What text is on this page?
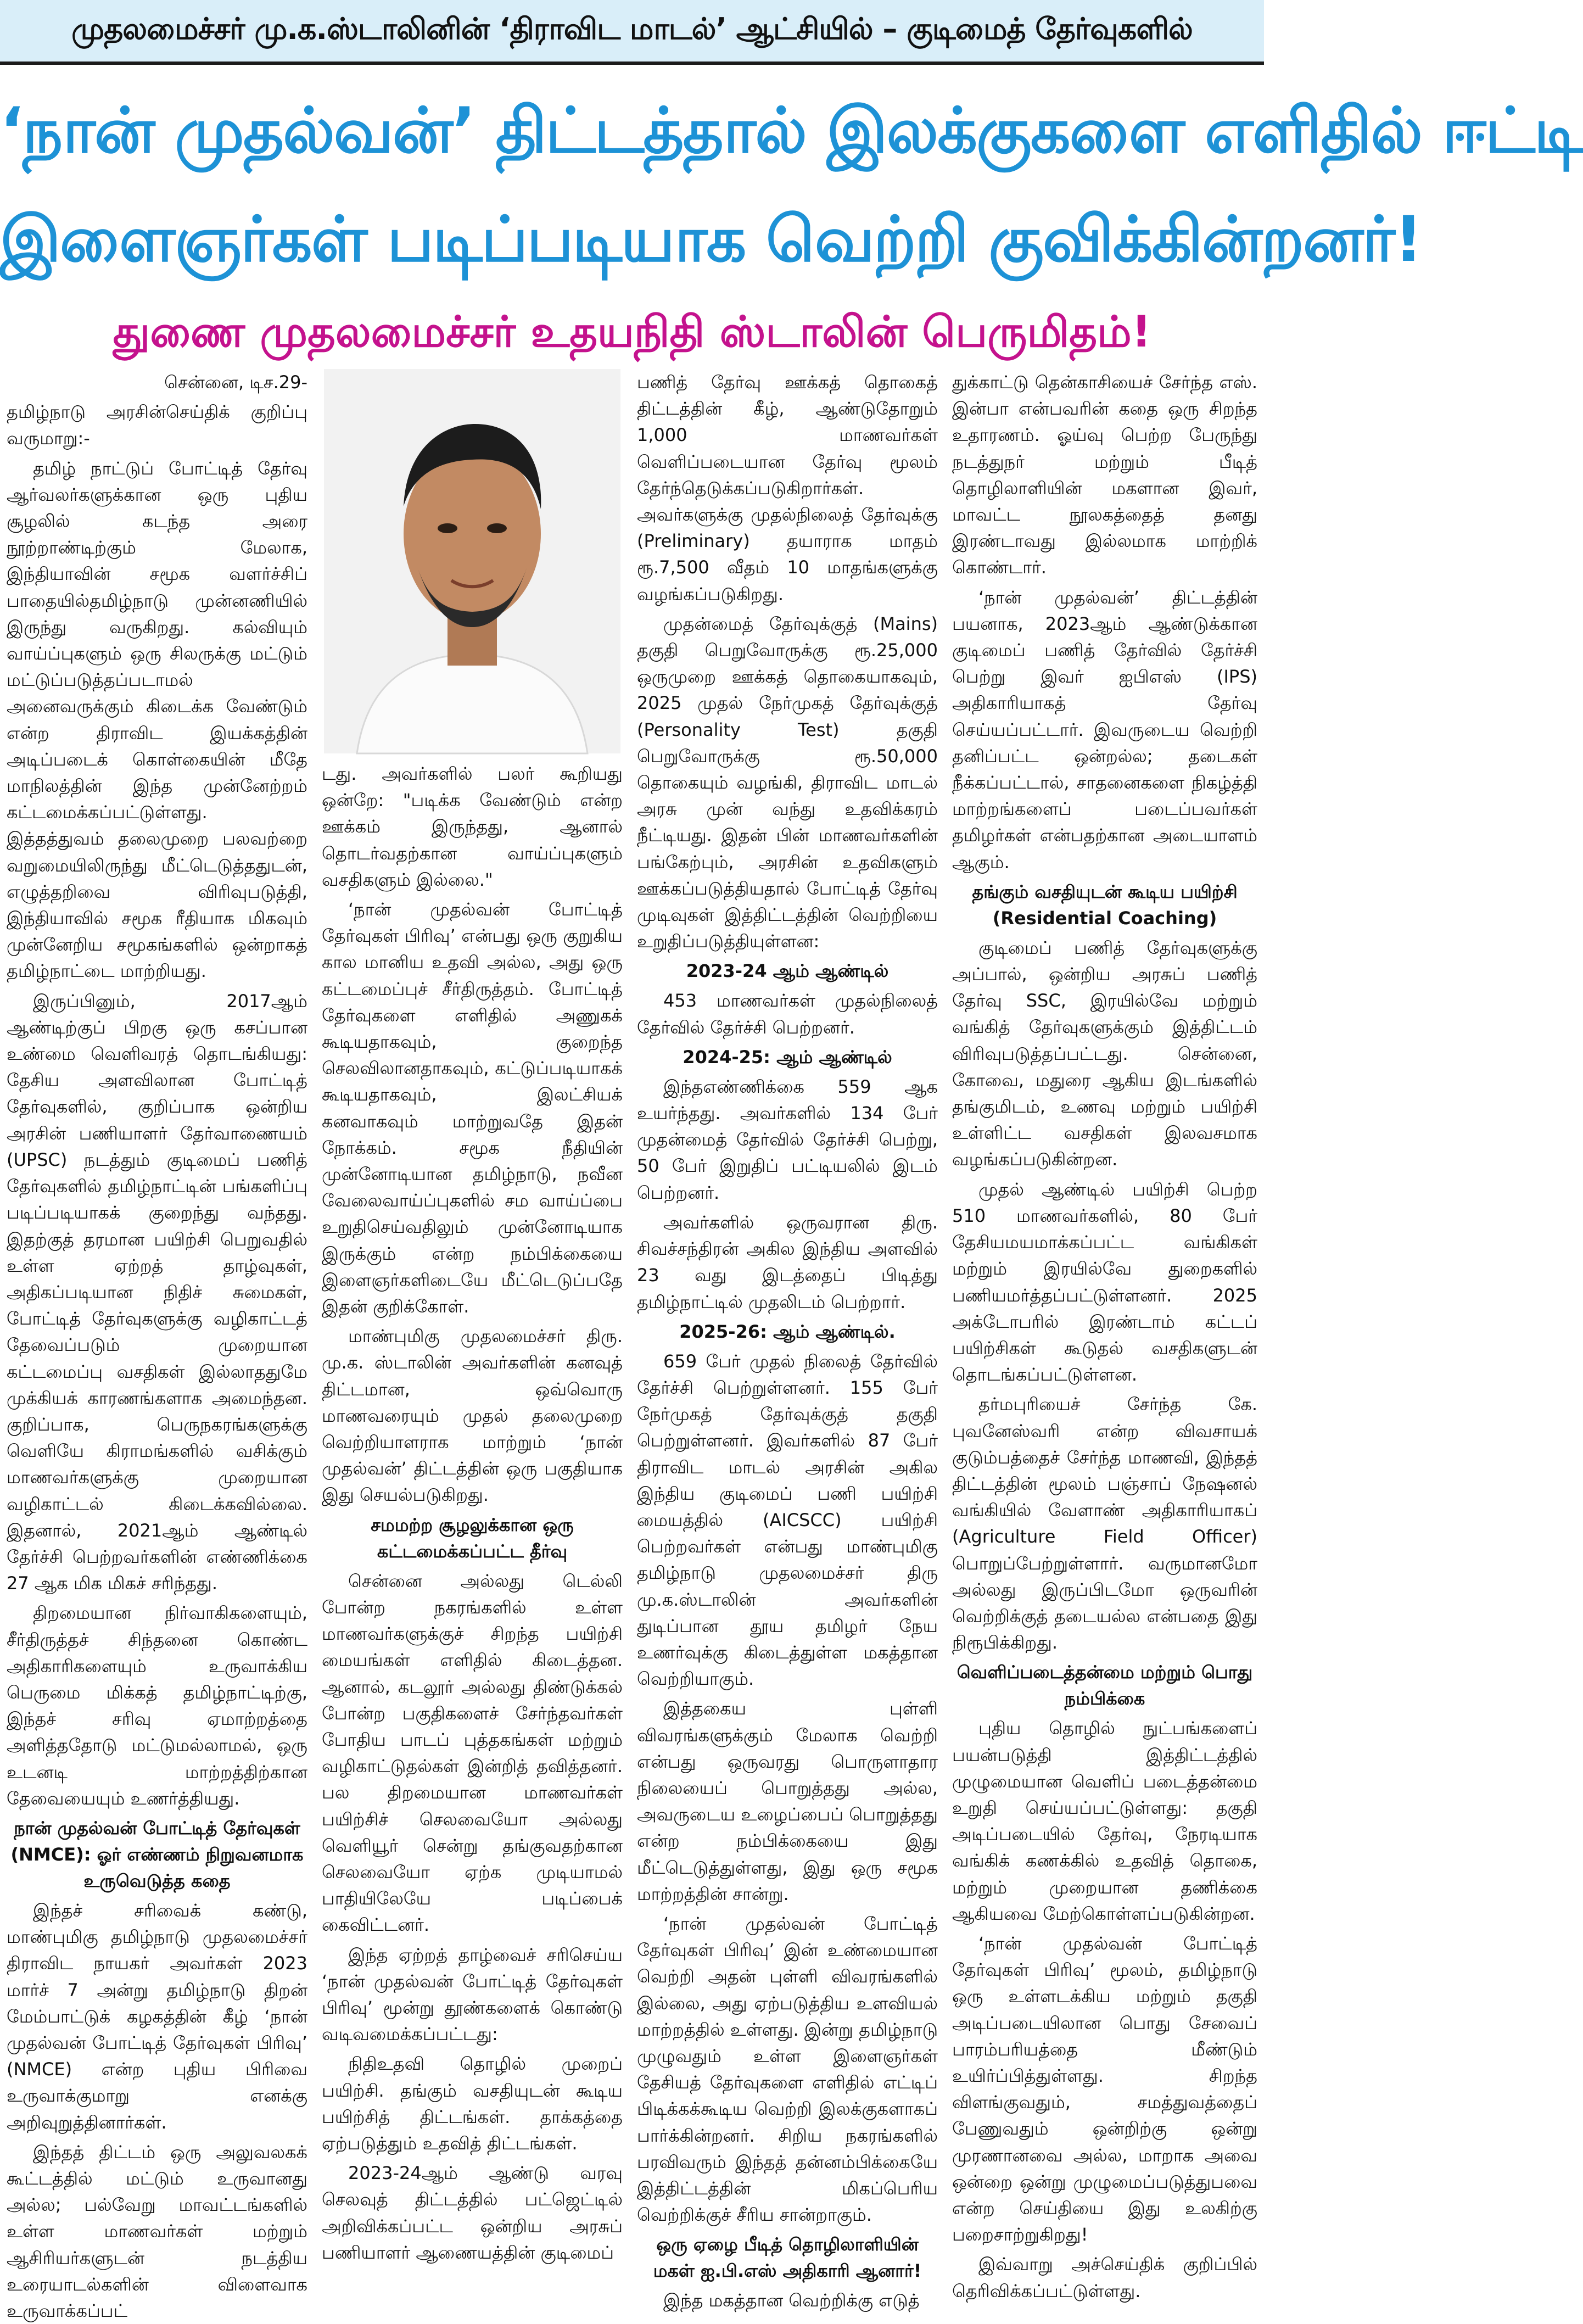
முதலமைச்சர் மு.க.ஸ்டாலினின் ‘திராவிட மாடல்’ ஆட்சியில் – குடிமைத் தேர்வுகளில்
‘நான் முதல்வன்’ திட்டத்தால் இலக்குகளை எளிதில் ஈட்டி
இளைஞர்கள் படிப்படியாக வெற்றி குவிக்கின்றனர்!
துணை முதலமைச்சர் உதயநிதி ஸ்டாலின் பெருமிதம்!

சென்னை, டிச.29-

தமிழ்நாடு அரசின்செய்திக் குறிப்பு வருமாறு:-

தமிழ் நாட்டுப் போட்டித் தேர்வு ஆர்வலர்களுக்கான ஒரு புதிய சூழலில் கடந்த அரை நூற்றாண்டிற்கும் மேலாக, இந்தியாவின் சமூக வளர்ச்சிப் பாதையில்தமிழ்நாடு முன்னணியில் இருந்து வருகிறது. கல்வியும் வாய்ப்புகளும் ஒரு சிலருக்கு மட்டும் மட்டுப்படுத்தப்படாமல் அனைவருக்கும் கிடைக்க வேண்டும் என்ற திராவிட இயக்கத்தின் அடிப்படைக் கொள்கையின் மீதே மாநிலத்தின் இந்த முன்னேற்றம் கட்டமைக்கப்பட்டுள்ளது. இத்தத்துவம் தலைமுறை பலவற்றை வறுமையிலிருந்து மீட்டெடுத்ததுடன், எழுத்தறிவை விரிவுபடுத்தி, இந்தியாவில் சமூக ரீதியாக மிகவும் முன்னேறிய சமூகங்களில் ஒன்றாகத் தமிழ்நாட்டை மாற்றியது.

இருப்பினும், 2017ஆம் ஆண்டிற்குப் பிறகு ஒரு கசப்பான உண்மை வெளிவரத் தொடங்கியது: தேசிய அளவிலான போட்டித் தேர்வுகளில், குறிப்பாக ஒன்றிய அரசின் பணியாளர் தேர்வாணையம் (UPSC) நடத்தும் குடிமைப் பணித் தேர்வுகளில் தமிழ்நாட்டின் பங்களிப்பு படிப்படியாகக் குறைந்து வந்தது. இதற்குத் தரமான பயிற்சி பெறுவதில் உள்ள ஏற்றத் தாழ்வுகள், அதிகப்படியான நிதிச் சுமைகள், போட்டித் தேர்வுகளுக்கு வழிகாட்டத் தேவைப்படும் முறையான கட்டமைப்பு வசதிகள் இல்லாததுமே முக்கியக் காரணங்களாக அமைந்தன. குறிப்பாக, பெருநகரங்களுக்கு வெளியே கிராமங்களில் வசிக்கும் மாணவர்களுக்கு முறையான வழிகாட்டல் கிடைக்கவில்லை. இதனால், 2021ஆம் ஆண்டில் தேர்ச்சி பெற்றவர்களின் எண்ணிக்கை 27 ஆக மிக மிகச் சரிந்தது.

திறமையான நிர்வாகிகளையும், சீர்திருத்தச் சிந்தனை கொண்ட அதிகாரிகளையும் உருவாக்கிய பெருமை மிக்கத் தமிழ்நாட்டிற்கு, இந்தச் சரிவு ஏமாற்றத்தை அளித்ததோடு மட்டுமல்லாமல், ஒரு உடனடி மாற்றத்திற்கான தேவையையும் உணர்த்தியது.

நான் முதல்வன் போட்டித் தேர்வுகள் (NMCE): ஓர் எண்ணம் நிறுவனமாக உருவெடுத்த கதை

இந்தச் சரிவைக் கண்டு, மாண்புமிகு தமிழ்நாடு முதலமைச்சர் திராவிட நாயகர் அவர்கள் 2023 மார்ச் 7 அன்று தமிழ்நாடு திறன் மேம்பாட்டுக் கழகத்தின் கீழ் ‘நான் முதல்வன் போட்டித் தேர்வுகள் பிரிவு’ (NMCE) என்ற புதிய பிரிவை உருவாக்குமாறு எனக்கு அறிவுறுத்தினார்கள்.

இந்தத் திட்டம் ஒரு அலுவலகக் கூட்டத்தில் மட்டும் உருவானது அல்ல; பல்வேறு மாவட்டங்களில் உள்ள மாணவர்கள் மற்றும் ஆசிரியர்களுடன் நடத்திய உரையாடல்களின் விளைவாக உருவாக்கப்பட்

டது. அவர்களில் பலர் கூறியது ஒன்றே: "படிக்க வேண்டும் என்ற ஊக்கம் இருந்தது, ஆனால் தொடர்வதற்கான வாய்ப்புகளும் வசதிகளும் இல்லை."

‘நான் முதல்வன் போட்டித் தேர்வுகள் பிரிவு’ என்பது ஒரு குறுகிய கால மானிய உதவி அல்ல, அது ஒரு கட்டமைப்புச் சீர்திருத்தம். போட்டித் தேர்வுகளை எளிதில் அணுகக் கூடியதாகவும், குறைந்த செலவிலானதாகவும், கட்டுப்படியாகக் கூடியதாகவும், இலட்சியக் கனவாகவும் மாற்றுவதே இதன் நோக்கம். சமூக நீதியின் முன்னோடியான தமிழ்நாடு, நவீன வேலைவாய்ப்புகளில் சம வாய்ப்பை உறுதிசெய்வதிலும் முன்னோடியாக இருக்கும் என்ற நம்பிக்கையை இளைஞர்களிடையே மீட்டெடுப்பதே இதன் குறிக்கோள்.

மாண்புமிகு முதலமைச்சர் திரு. மு.க. ஸ்டாலின் அவர்களின் கனவுத் திட்டமான, ஒவ்வொரு மாணவரையும் முதல் தலைமுறை வெற்றியாளராக மாற்றும் ‘நான் முதல்வன்’ திட்டத்தின் ஒரு பகுதியாக இது செயல்படுகிறது.

சமமற்ற சூழலுக்கான ஒரு கட்டமைக்கப்பட்ட தீர்வு

சென்னை அல்லது டெல்லி போன்ற நகரங்களில் உள்ள மாணவர்களுக்குச் சிறந்த பயிற்சி மையங்கள் எளிதில் கிடைத்தன. ஆனால், கடலூர் அல்லது திண்டுக்கல் போன்ற பகுதிகளைச் சேர்ந்தவர்கள் போதிய பாடப் புத்தகங்கள் மற்றும் வழிகாட்டுதல்கள் இன்றித் தவித்தனர். பல திறமையான மாணவர்கள் பயிற்சிச் செலவையோ அல்லது வெளியூர் சென்று தங்குவதற்கான செலவையோ ஏற்க முடியாமல் பாதியிலேயே படிப்பைக் கைவிட்டனர்.

இந்த ஏற்றத் தாழ்வைச் சரிசெய்ய ‘நான் முதல்வன் போட்டித் தேர்வுகள் பிரிவு’ மூன்று தூண்களைக் கொண்டு வடிவமைக்கப்பட்டது:

நிதிஉதவி தொழில் முறைப் பயிற்சி. தங்கும் வசதியுடன் கூடிய பயிற்சித் திட்டங்கள். தாக்கத்தை ஏற்படுத்தும் உதவித் திட்டங்கள்.

2023-24ஆம் ஆண்டு வரவு செலவுத் திட்டத்தில் பட்ஜெட்டில் அறிவிக்கப்பட்ட ஒன்றிய அரசுப் பணியாளர் ஆணையத்தின் குடிமைப்

பணித் தேர்வு ஊக்கத் தொகைத் திட்டத்தின் கீழ், ஆண்டுதோறும் 1,000 மாணவர்கள் வெளிப்படையான தேர்வு மூலம் தேர்ந்தெடுக்கப்படுகிறார்கள். அவர்களுக்கு முதல்நிலைத் தேர்வுக்கு (Preliminary) தயாராக மாதம் ரூ.7,500 வீதம் 10 மாதங்களுக்கு வழங்கப்படுகிறது.

முதன்மைத் தேர்வுக்குத் (Mains) தகுதி பெறுவோருக்கு ரூ.25,000 ஒருமுறை ஊக்கத் தொகையாகவும், 2025 முதல் நேர்முகத் தேர்வுக்குத் (Personality Test) தகுதி பெறுவோருக்கு ரூ.50,000 தொகையும் வழங்கி, திராவிட மாடல் அரசு முன் வந்து உதவிக்கரம் நீட்டியது. இதன் பின் மாணவர்களின் பங்கேற்பும், அரசின் உதவிகளும் ஊக்கப்படுத்தியதால் போட்டித் தேர்வு முடிவுகள் இத்திட்டத்தின் வெற்றியை உறுதிப்படுத்தியுள்ளன:

2023-24 ஆம் ஆண்டில்

453 மாணவர்கள் முதல்நிலைத் தேர்வில் தேர்ச்சி பெற்றனர்.

2024-25: ஆம் ஆண்டில்

இந்தஎண்ணிக்கை 559 ஆக உயர்ந்தது. அவர்களில் 134 பேர் முதன்மைத் தேர்வில் தேர்ச்சி பெற்று, 50 பேர் இறுதிப் பட்டியலில் இடம் பெற்றனர்.

அவர்களில் ஒருவரான திரு. சிவச்சந்திரன் அகில இந்திய அளவில் 23 வது இடத்தைப் பிடித்து தமிழ்நாட்டில் முதலிடம் பெற்றார்.

2025-26: ஆம் ஆண்டில்.

659 பேர் முதல் நிலைத் தேர்வில் தேர்ச்சி பெற்றுள்ளனர். 155 பேர் நேர்முகத் தேர்வுக்குத் தகுதி பெற்றுள்ளனர். இவர்களில் 87 பேர் திராவிட மாடல் அரசின் அகில இந்திய குடிமைப் பணி பயிற்சி மையத்தில் (AICSCC) பயிற்சி பெற்றவர்கள் என்பது மாண்புமிகு தமிழ்நாடு முதலமைச்சர் திரு மு.க.ஸ்டாலின் அவர்களின் துடிப்பான தூய தமிழர் நேய உணர்வுக்கு கிடைத்துள்ள மகத்தான வெற்றியாகும்.

இத்தகைய புள்ளி விவரங்களுக்கும் மேலாக வெற்றி என்பது ஒருவரது பொருளாதார நிலையைப் பொறுத்தது அல்ல, அவருடைய உழைப்பைப் பொறுத்தது என்ற நம்பிக்கையை இது மீட்டெடுத்துள்ளது, இது ஒரு சமூக மாற்றத்தின் சான்று.

‘நான் முதல்வன் போட்டித் தேர்வுகள் பிரிவு’ இன் உண்மையான வெற்றி அதன் புள்ளி விவரங்களில் இல்லை, அது ஏற்படுத்திய உளவியல் மாற்றத்தில் உள்ளது. இன்று தமிழ்நாடு முழுவதும் உள்ள இளைஞர்கள் தேசியத் தேர்வுகளை எளிதில் எட்டிப் பிடிக்கக்கூடிய வெற்றி இலக்குகளாகப் பார்க்கின்றனர். சிறிய நகரங்களில் பரவிவரும் இந்தத் தன்னம்பிக்கையே இத்திட்டத்தின் மிகப்பெரிய வெற்றிக்குச் சீரிய சான்றாகும்.

ஒரு ஏழை பீடித் தொழிலாளியின் மகள் ஐ.பி.எஸ் அதிகாரி ஆனார்!

இந்த மகத்தான வெற்றிக்கு எடுத்

துக்காட்டு தென்காசியைச் சேர்ந்த எஸ். இன்பா என்பவரின் கதை ஒரு சிறந்த உதாரணம். ஓய்வு பெற்ற பேருந்து நடத்துநர் மற்றும் பீடித் தொழிலாளியின் மகளான இவர், மாவட்ட நூலகத்தைத் தனது இரண்டாவது இல்லமாக மாற்றிக் கொண்டார்.

‘நான் முதல்வன்’ திட்டத்தின் பயனாக, 2023ஆம் ஆண்டுக்கான குடிமைப் பணித் தேர்வில் தேர்ச்சி பெற்று இவர் ஐபிஎஸ் (IPS) அதிகாரியாகத் தேர்வு செய்யப்பட்டார். இவருடைய வெற்றி தனிப்பட்ட ஒன்றல்ல; தடைகள் நீக்கப்பட்டால், சாதனைகளை நிகழ்த்தி மாற்றங்களைப் படைப்பவர்கள் தமிழர்கள் என்பதற்கான அடையாளம் ஆகும்.

தங்கும் வசதியுடன் கூடிய பயிற்சி (Residential Coaching)

குடிமைப் பணித் தேர்வுகளுக்கு அப்பால், ஒன்றிய அரசுப் பணித் தேர்வு SSC, இரயில்வே மற்றும் வங்கித் தேர்வுகளுக்கும் இத்திட்டம் விரிவுபடுத்தப்பட்டது. சென்னை, கோவை, மதுரை ஆகிய இடங்களில் தங்குமிடம், உணவு மற்றும் பயிற்சி உள்ளிட்ட வசதிகள் இலவசமாக வழங்கப்படுகின்றன.

முதல் ஆண்டில் பயிற்சி பெற்ற 510 மாணவர்களில், 80 பேர் தேசியமயமாக்கப்பட்ட வங்கிகள் மற்றும் இரயில்வே துறைகளில் பணியமர்த்தப்பட்டுள்ளனர். 2025 அக்டோபரில் இரண்டாம் கட்டப் பயிற்சிகள் கூடுதல் வசதிகளுடன் தொடங்கப்பட்டுள்ளன.

தர்மபுரியைச் சேர்ந்த கே. புவனேஸ்வரி என்ற விவசாயக் குடும்பத்தைச் சேர்ந்த மாணவி, இந்தத் திட்டத்தின் மூலம் பஞ்சாப் நேஷனல் வங்கியில் வேளாண் அதிகாரியாகப் (Agriculture Field Officer) பொறுப்பேற்றுள்ளார். வருமானமோ அல்லது இருப்பிடமோ ஒருவரின் வெற்றிக்குத் தடையல்ல என்பதை இது நிரூபிக்கிறது.

வெளிப்படைத்தன்மை மற்றும் பொது நம்பிக்கை

புதிய தொழில் நுட்பங்களைப் பயன்படுத்தி இத்திட்டத்தில் முழுமையான வெளிப் படைத்தன்மை உறுதி செய்யப்பட்டுள்ளது: தகுதி அடிப்படையில் தேர்வு, நேரடியாக வங்கிக் கணக்கில் உதவித் தொகை, மற்றும் முறையான தணிக்கை ஆகியவை மேற்கொள்ளப்படுகின்றன.

‘நான் முதல்வன் போட்டித் தேர்வுகள் பிரிவு’ மூலம், தமிழ்நாடு ஒரு உள்ளடக்கிய மற்றும் தகுதி அடிப்படையிலான பொது சேவைப் பாரம்பரியத்தை மீண்டும் உயிர்ப்பித்துள்ளது. சிறந்த விளங்குவதும், சமத்துவத்தைப் பேணுவதும் ஒன்றிற்கு ஒன்று முரணானவை அல்ல, மாறாக அவை ஒன்றை ஒன்று முழுமைப்படுத்துபவை என்ற செய்தியை இது உலகிற்கு பறைசாற்றுகிறது!

இவ்வாறு அச்செய்திக் குறிப்பில் தெரிவிக்கப்பட்டுள்ளது.
